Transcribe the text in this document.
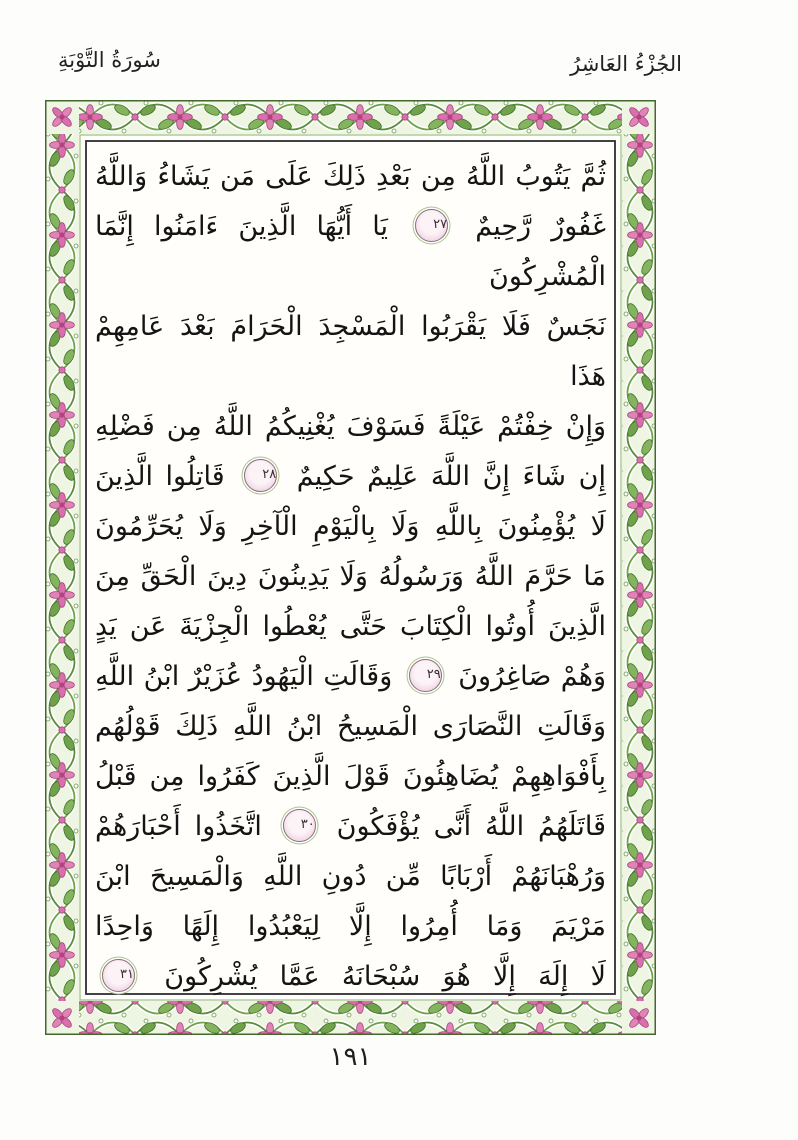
الجُزْءُ العَاشِرُ
سُورَةُ التَّوْبَةِ
ثُمَّ يَتُوبُ اللَّهُ مِن بَعْدِ ذَلِكَ عَلَى مَن يَشَاءُ وَاللَّهُ
غَفُورٌ رَّحِيمٌ ٢٧ يَا أَيُّهَا الَّذِينَ ءَامَنُوا إِنَّمَا الْمُشْرِكُونَ
نَجَسٌ فَلَا يَقْرَبُوا الْمَسْجِدَ الْحَرَامَ بَعْدَ عَامِهِمْ هَذَا
وَإِنْ خِفْتُمْ عَيْلَةً فَسَوْفَ يُغْنِيكُمُ اللَّهُ مِن فَضْلِهِ
إِن شَاءَ إِنَّ اللَّهَ عَلِيمٌ حَكِيمٌ ٢٨ قَاتِلُوا الَّذِينَ
لَا يُؤْمِنُونَ بِاللَّهِ وَلَا بِالْيَوْمِ الْآخِرِ وَلَا يُحَرِّمُونَ
مَا حَرَّمَ اللَّهُ وَرَسُولُهُ وَلَا يَدِينُونَ دِينَ الْحَقِّ مِنَ
الَّذِينَ أُوتُوا الْكِتَابَ حَتَّى يُعْطُوا الْجِزْيَةَ عَن يَدٍ
وَهُمْ صَاغِرُونَ ٢٩ وَقَالَتِ الْيَهُودُ عُزَيْرٌ ابْنُ اللَّهِ
وَقَالَتِ النَّصَارَى الْمَسِيحُ ابْنُ اللَّهِ ذَلِكَ قَوْلُهُم
بِأَفْوَاهِهِمْ يُضَاهِئُونَ قَوْلَ الَّذِينَ كَفَرُوا مِن قَبْلُ
قَاتَلَهُمُ اللَّهُ أَنَّى يُؤْفَكُونَ ٣٠ اتَّخَذُوا أَحْبَارَهُمْ
وَرُهْبَانَهُمْ أَرْبَابًا مِّن دُونِ اللَّهِ وَالْمَسِيحَ ابْنَ
مَرْيَمَ وَمَا أُمِرُوا إِلَّا لِيَعْبُدُوا إِلَهًا وَاحِدًا
لَا إِلَهَ إِلَّا هُوَ سُبْحَانَهُ عَمَّا يُشْرِكُونَ ٣١
١٩١
